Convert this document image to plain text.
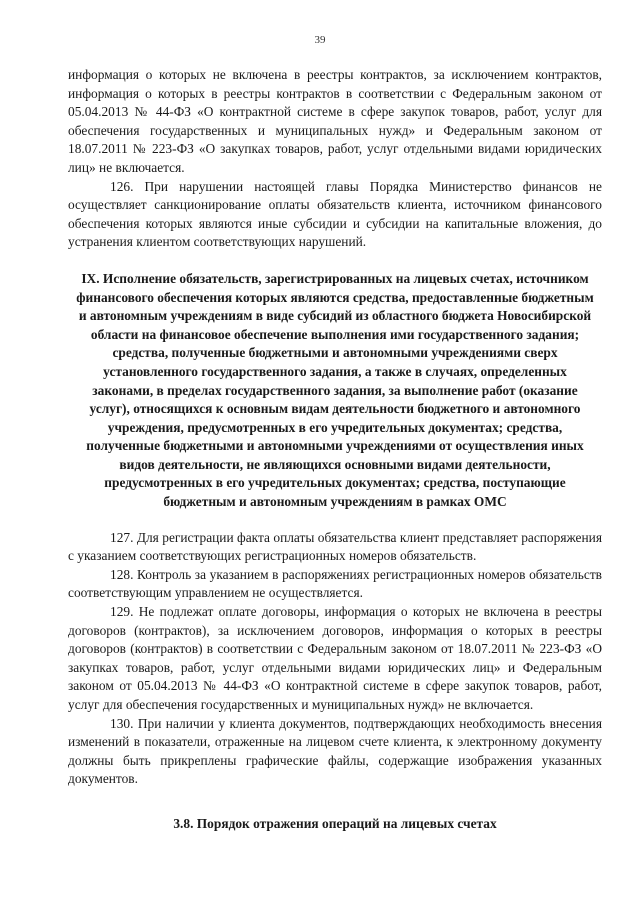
39

информация о которых не включена в реестры контрактов, за исключением контрактов, информация о которых в реестры контрактов в соответствии с Федеральным законом от 05.04.2013 № 44-ФЗ «О контрактной системе в сфере закупок товаров, работ, услуг для обеспечения государственных и муниципальных нужд» и Федеральным законом от 18.07.2011 № 223-ФЗ «О закупках товаров, работ, услуг отдельными видами юридических лиц» не включается.

126. При нарушении настоящей главы Порядка Министерство финансов не осуществляет санкционирование оплаты обязательств клиента, источником финансового обеспечения которых являются иные субсидии и субсидии на капитальные вложения, до устранения клиентом соответствующих нарушений.

IX. Исполнение обязательств, зарегистрированных на лицевых счетах, источником финансового обеспечения которых являются средства, предоставленные бюджетным и автономным учреждениям в виде субсидий из областного бюджета Новосибирской области на финансовое обеспечение выполнения ими государственного задания; средства, полученные бюджетными и автономными учреждениями сверх установленного государственного задания, а также в случаях, определенных законами, в пределах государственного задания, за выполнение работ (оказание услуг), относящихся к основным видам деятельности бюджетного и автономного учреждения, предусмотренных в его учредительных документах; средства, полученные бюджетными и автономными учреждениями от осуществления иных видов деятельности, не являющихся основными видами деятельности, предусмотренных в его учредительных документах; средства, поступающие бюджетным и автономным учреждениям в рамках ОМС

127. Для регистрации факта оплаты обязательства клиент представляет распоряжения с указанием соответствующих регистрационных номеров обязательств.

128. Контроль за указанием в распоряжениях регистрационных номеров обязательств соответствующим управлением не осуществляется.

129. Не подлежат оплате договоры, информация о которых не включена в реестры договоров (контрактов), за исключением договоров, информация о которых в реестры договоров (контрактов) в соответствии с Федеральным законом от 18.07.2011 № 223-ФЗ «О закупках товаров, работ, услуг отдельными видами юридических лиц» и Федеральным законом от 05.04.2013 № 44-ФЗ «О контрактной системе в сфере закупок товаров, работ, услуг для обеспечения государственных и муниципальных нужд» не включается.

130. При наличии у клиента документов, подтверждающих необходимость внесения изменений в показатели, отраженные на лицевом счете клиента, к электронному документу должны быть прикреплены графические файлы, содержащие изображения указанных документов.

3.8. Порядок отражения операций на лицевых счетах
